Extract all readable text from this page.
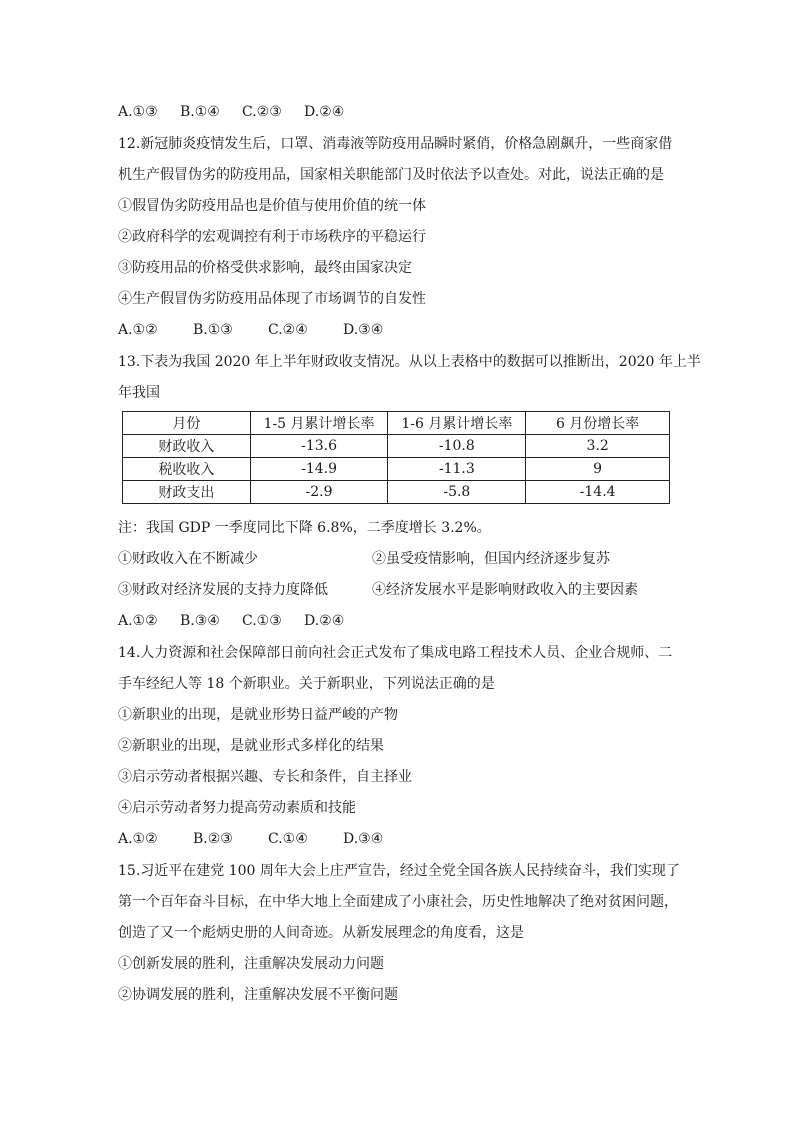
A.①③	B.①④	C.②③	D.②④
12.新冠肺炎疫情发生后，口罩、消毒液等防疫用品瞬时紧俏，价格急剧飙升，一些商家借
机生产假冒伪劣的防疫用品，国家相关职能部门及时依法予以查处。对此，说法正确的是
①假冒伪劣防疫用品也是价值与使用价值的统一体
②政府科学的宏观调控有利于市场秩序的平稳运行
③防疫用品的价格受供求影响，最终由国家决定
④生产假冒伪劣防疫用品体现了市场调节的自发性
A.①②	B.①③	C.②④	D.③④
13.下表为我国 2020 年上半年财政收支情况。从以上表格中的数据可以推断出，2020 年上半
年我国
月份	1-5 月累计增长率	1-6 月累计增长率	6 月份增长率
财政收入	-13.6	-10.8	3.2
税收收入	-14.9	-11.3	9
财政支出	-2.9	-5.8	-14.4
注：我国 GDP 一季度同比下降 6.8%，二季度增长 3.2%。
①财政收入在不断减少	②虽受疫情影响，但国内经济逐步复苏
③财政对经济发展的支持力度降低	④经济发展水平是影响财政收入的主要因素
A.①②	B.③④	C.①③	D.②④
14.人力资源和社会保障部日前向社会正式发布了集成电路工程技术人员、企业合规师、二
手车经纪人等 18 个新职业。关于新职业，下列说法正确的是
①新职业的出现，是就业形势日益严峻的产物
②新职业的出现，是就业形式多样化的结果
③启示劳动者根据兴趣、专长和条件，自主择业
④启示劳动者努力提高劳动素质和技能
A.①②	B.②③	C.①④	D.③④
15.习近平在建党 100 周年大会上庄严宣告，经过全党全国各族人民持续奋斗，我们实现了
第一个百年奋斗目标，在中华大地上全面建成了小康社会，历史性地解决了绝对贫困问题，
创造了又一个彪炳史册的人间奇迹。从新发展理念的角度看，这是
①创新发展的胜利，注重解决发展动力问题
②协调发展的胜利，注重解决发展不平衡问题
